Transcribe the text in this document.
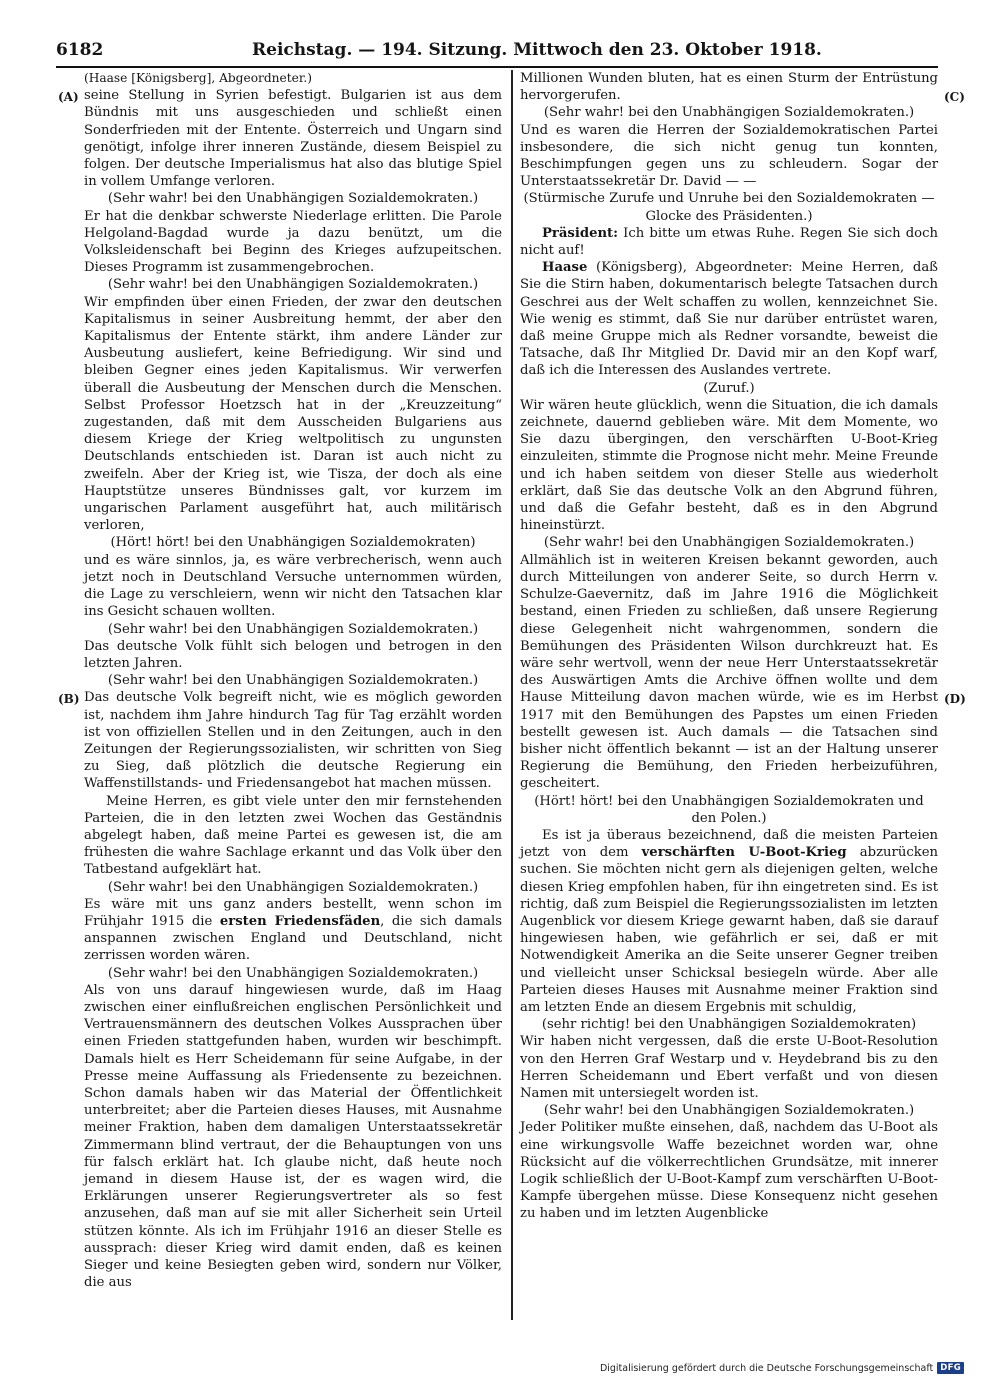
6182	Reichstag. — 194. Sitzung. Mittwoch den 23. Oktober 1918.
(A)
(B)
(C)
(D)

(Haase [Königsberg], Abgeordneter.)

seine Stellung in Syrien befestigt. Bulgarien ist aus dem Bündnis mit uns ausgeschieden und schließt einen Sonderfrieden mit der Entente. Österreich und Ungarn sind genötigt, infolge ihrer inneren Zustände, diesem Beispiel zu folgen. Der deutsche Imperialismus hat also das blutige Spiel in vollem Umfange verloren.

(Sehr wahr! bei den Unabhängigen Sozialdemokraten.)

Er hat die denkbar schwerste Niederlage erlitten. Die Parole Helgoland-Bagdad wurde ja dazu benützt, um die Volksleidenschaft bei Beginn des Krieges aufzupeitschen. Dieses Programm ist zusammengebrochen.

(Sehr wahr! bei den Unabhängigen Sozialdemokraten.)

Wir empfinden über einen Frieden, der zwar den deutschen Kapitalismus in seiner Ausbreitung hemmt, der aber den Kapitalismus der Entente stärkt, ihm andere Länder zur Ausbeutung ausliefert, keine Befriedigung. Wir sind und bleiben Gegner eines jeden Kapitalismus. Wir verwerfen überall die Ausbeutung der Menschen durch die Menschen. Selbst Professor Hoetzsch hat in der „Kreuzzeitung“ zugestanden, daß mit dem Ausscheiden Bulgariens aus diesem Kriege der Krieg weltpolitisch zu ungunsten Deutschlands entschieden ist. Daran ist auch nicht zu zweifeln. Aber der Krieg ist, wie Tisza, der doch als eine Hauptstütze unseres Bündnisses galt, vor kurzem im ungarischen Parlament ausgeführt hat, auch militärisch verloren,

(Hört! hört! bei den Unabhängigen Sozialdemokraten)

und es wäre sinnlos, ja, es wäre verbrecherisch, wenn auch jetzt noch in Deutschland Versuche unternommen würden, die Lage zu verschleiern, wenn wir nicht den Tatsachen klar ins Gesicht schauen wollten.

(Sehr wahr! bei den Unabhängigen Sozialdemokraten.)

Das deutsche Volk fühlt sich belogen und betrogen in den letzten Jahren.

(Sehr wahr! bei den Unabhängigen Sozialdemokraten.)

Das deutsche Volk begreift nicht, wie es möglich geworden ist, nachdem ihm Jahre hindurch Tag für Tag erzählt worden ist von offiziellen Stellen und in den Zeitungen, auch in den Zeitungen der Regierungssozialisten, wir schritten von Sieg zu Sieg, daß plötzlich die deutsche Regierung ein Waffenstillstands- und Friedensangebot hat machen müssen.

Meine Herren, es gibt viele unter den mir fernstehenden Parteien, die in den letzten zwei Wochen das Geständnis abgelegt haben, daß meine Partei es gewesen ist, die am frühesten die wahre Sachlage erkannt und das Volk über den Tatbestand aufgeklärt hat.

(Sehr wahr! bei den Unabhängigen Sozialdemokraten.)

Es wäre mit uns ganz anders bestellt, wenn schon im Frühjahr 1915 die ersten Friedensfäden, die sich damals anspannen zwischen England und Deutschland, nicht zerrissen worden wären.

(Sehr wahr! bei den Unabhängigen Sozialdemokraten.)

Als von uns darauf hingewiesen wurde, daß im Haag zwischen einer einflußreichen englischen Persönlichkeit und Vertrauensmännern des deutschen Volkes Aussprachen über einen Frieden stattgefunden haben, wurden wir beschimpft. Damals hielt es Herr Scheidemann für seine Aufgabe, in der Presse meine Auffassung als Friedensente zu bezeichnen. Schon damals haben wir das Material der Öffentlichkeit unterbreitet; aber die Parteien dieses Hauses, mit Ausnahme meiner Fraktion, haben dem damaligen Unterstaatssekretär Zimmermann blind vertraut, der die Behauptungen von uns für falsch erklärt hat. Ich glaube nicht, daß heute noch jemand in diesem Hause ist, der es wagen wird, die Erklärungen unserer Regierungsvertreter als so fest anzusehen, daß man auf sie mit aller Sicherheit sein Urteil stützen könnte. Als ich im Frühjahr 1916 an dieser Stelle es aussprach: dieser Krieg wird damit enden, daß es keinen Sieger und keine Besiegten geben wird, sondern nur Völker, die aus

Millionen Wunden bluten, hat es einen Sturm der Entrüstung hervorgerufen.

(Sehr wahr! bei den Unabhängigen Sozialdemokraten.)

Und es waren die Herren der Sozialdemokratischen Partei insbesondere, die sich nicht genug tun konnten, Beschimpfungen gegen uns zu schleudern. Sogar der Unterstaatssekretär Dr. David — —

(Stürmische Zurufe und Unruhe bei den Sozialdemokraten — Glocke des Präsidenten.)

Präsident: Ich bitte um etwas Ruhe. Regen Sie sich doch nicht auf!

Haase (Königsberg), Abgeordneter: Meine Herren, daß Sie die Stirn haben, dokumentarisch belegte Tatsachen durch Geschrei aus der Welt schaffen zu wollen, kennzeichnet Sie. Wie wenig es stimmt, daß Sie nur darüber entrüstet waren, daß meine Gruppe mich als Redner vorsandte, beweist die Tatsache, daß Ihr Mitglied Dr. David mir an den Kopf warf, daß ich die Interessen des Auslandes vertrete.

(Zuruf.)

Wir wären heute glücklich, wenn die Situation, die ich damals zeichnete, dauernd geblieben wäre. Mit dem Momente, wo Sie dazu übergingen, den verschärften U-Boot-Krieg einzuleiten, stimmte die Prognose nicht mehr. Meine Freunde und ich haben seitdem von dieser Stelle aus wiederholt erklärt, daß Sie das deutsche Volk an den Abgrund führen, und daß die Gefahr besteht, daß es in den Abgrund hineinstürzt.

(Sehr wahr! bei den Unabhängigen Sozialdemokraten.)

Allmählich ist in weiteren Kreisen bekannt geworden, auch durch Mitteilungen von anderer Seite, so durch Herrn v. Schulze-Gaevernitz, daß im Jahre 1916 die Möglichkeit bestand, einen Frieden zu schließen, daß unsere Regierung diese Gelegenheit nicht wahrgenommen, sondern die Bemühungen des Präsidenten Wilson durchkreuzt hat. Es wäre sehr wertvoll, wenn der neue Herr Unterstaatssekretär des Auswärtigen Amts die Archive öffnen wollte und dem Hause Mitteilung davon machen würde, wie es im Herbst 1917 mit den Bemühungen des Papstes um einen Frieden bestellt gewesen ist. Auch damals — die Tatsachen sind bisher nicht öffentlich bekannt — ist an der Haltung unserer Regierung die Bemühung, den Frieden herbeizuführen, gescheitert.

(Hört! hört! bei den Unabhängigen Sozialdemokraten und den Polen.)

Es ist ja überaus bezeichnend, daß die meisten Parteien jetzt von dem verschärften U-Boot-Krieg abzurücken suchen. Sie möchten nicht gern als diejenigen gelten, welche diesen Krieg empfohlen haben, für ihn eingetreten sind. Es ist richtig, daß zum Beispiel die Regierungssozialisten im letzten Augenblick vor diesem Kriege gewarnt haben, daß sie darauf hingewiesen haben, wie gefährlich er sei, daß er mit Notwendigkeit Amerika an die Seite unserer Gegner treiben und vielleicht unser Schicksal besiegeln würde. Aber alle Parteien dieses Hauses mit Ausnahme meiner Fraktion sind am letzten Ende an diesem Ergebnis mit schuldig,

(sehr richtig! bei den Unabhängigen Sozialdemokraten)

Wir haben nicht vergessen, daß die erste U-Boot-Resolution von den Herren Graf Westarp und v. Heydebrand bis zu den Herren Scheidemann und Ebert verfaßt und von diesen Namen mit untersiegelt worden ist.

(Sehr wahr! bei den Unabhängigen Sozialdemokraten.)

Jeder Politiker mußte einsehen, daß, nachdem das U-Boot als eine wirkungsvolle Waffe bezeichnet worden war, ohne Rücksicht auf die völkerrechtlichen Grundsätze, mit innerer Logik schließlich der U-Boot-Kampf zum verschärften U-Boot-Kampfe übergehen müsse. Diese Konsequenz nicht gesehen zu haben und im letzten Augenblicke

Digitalisierung gefördert durch die Deutsche Forschungsgemeinschaft DFG
